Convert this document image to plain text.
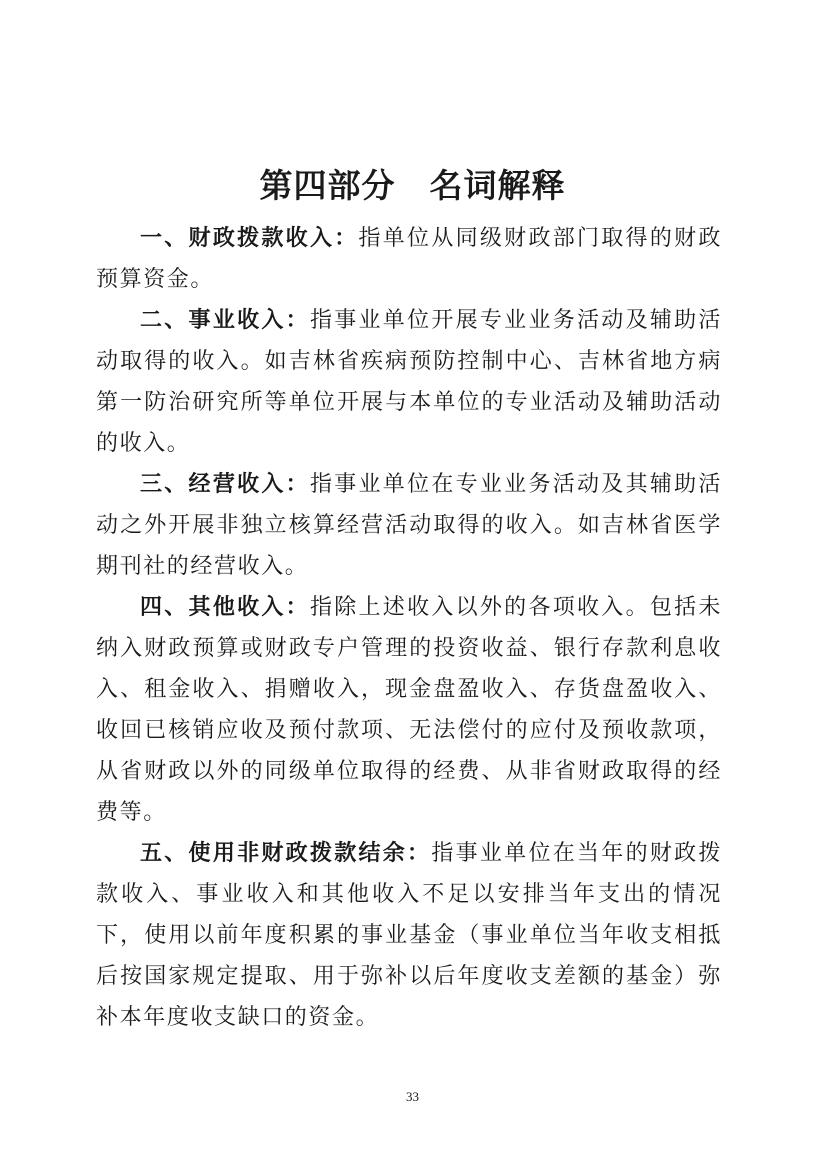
第四部分　名词解释

一、财政拨款收入：指单位从同级财政部门取得的财政预算资金。

二、事业收入：指事业单位开展专业业务活动及辅助活动取得的收入。如吉林省疾病预防控制中心、吉林省地方病第一防治研究所等单位开展与本单位的专业活动及辅助活动的收入。

三、经营收入：指事业单位在专业业务活动及其辅助活动之外开展非独立核算经营活动取得的收入。如吉林省医学期刊社的经营收入。

四、其他收入：指除上述收入以外的各项收入。包括未纳入财政预算或财政专户管理的投资收益、银行存款利息收入、租金收入、捐赠收入，现金盘盈收入、存货盘盈收入、收回已核销应收及预付款项、无法偿付的应付及预收款项，从省财政以外的同级单位取得的经费、从非省财政取得的经费等。

五、使用非财政拨款结余：指事业单位在当年的财政拨款收入、事业收入和其他收入不足以安排当年支出的情况下，使用以前年度积累的事业基金（事业单位当年收支相抵后按国家规定提取、用于弥补以后年度收支差额的基金）弥补本年度收支缺口的资金。

33
